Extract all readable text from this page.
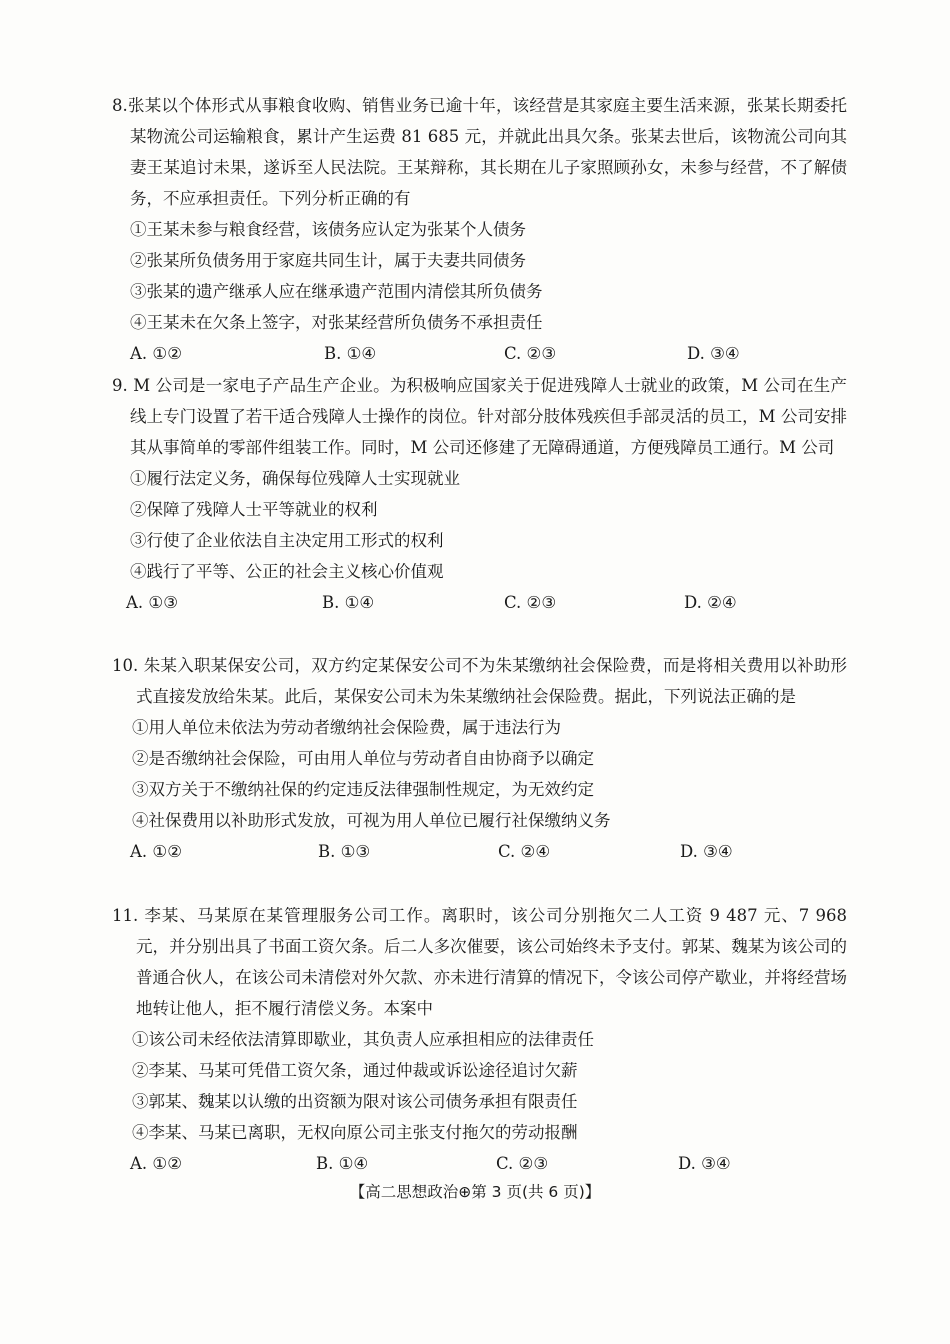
8.张某以个体形式从事粮食收购、销售业务已逾十年，该经营是其家庭主要生活来源，张某长期委托某物流公司运输粮食，累计产生运费 81 685 元，并就此出具欠条。张某去世后，该物流公司向其妻王某追讨未果，遂诉至人民法院。王某辩称，其长期在儿子家照顾孙女，未参与经营，不了解债务，不应承担责任。下列分析正确的有
①王某未参与粮食经营，该债务应认定为张某个人债务
②张某所负债务用于家庭共同生计，属于夫妻共同债务
③张某的遗产继承人应在继承遗产范围内清偿其所负债务
④王某未在欠条上签字，对张某经营所负债务不承担责任
A. ①②	B. ①④	C. ②③	D. ③④
9. M 公司是一家电子产品生产企业。为积极响应国家关于促进残障人士就业的政策，M 公司在生产线上专门设置了若干适合残障人士操作的岗位。针对部分肢体残疾但手部灵活的员工，M 公司安排其从事简单的零部件组装工作。同时，M 公司还修建了无障碍通道，方便残障员工通行。M 公司
①履行法定义务，确保每位残障人士实现就业
②保障了残障人士平等就业的权利
③行使了企业依法自主决定用工形式的权利
④践行了平等、公正的社会主义核心价值观
A. ①③	B. ①④	C. ②③	D. ②④
10. 朱某入职某保安公司，双方约定某保安公司不为朱某缴纳社会保险费，而是将相关费用以补助形式直接发放给朱某。此后，某保安公司未为朱某缴纳社会保险费。据此，下列说法正确的是
①用人单位未依法为劳动者缴纳社会保险费，属于违法行为
②是否缴纳社会保险，可由用人单位与劳动者自由协商予以确定
③双方关于不缴纳社保的约定违反法律强制性规定，为无效约定
④社保费用以补助形式发放，可视为用人单位已履行社保缴纳义务
A. ①②	B. ①③	C. ②④	D. ③④
11. 李某、马某原在某管理服务公司工作。离职时，该公司分别拖欠二人工资 9 487 元、7 968 元，并分别出具了书面工资欠条。后二人多次催要，该公司始终未予支付。郭某、魏某为该公司的普通合伙人，在该公司未清偿对外欠款、亦未进行清算的情况下，令该公司停产歇业，并将经营场地转让他人，拒不履行清偿义务。本案中
①该公司未经依法清算即歇业，其负责人应承担相应的法律责任
②李某、马某可凭借工资欠条，通过仲裁或诉讼途径追讨欠薪
③郭某、魏某以认缴的出资额为限对该公司债务承担有限责任
④李某、马某已离职，无权向原公司主张支付拖欠的劳动报酬
A. ①②	B. ①④	C. ②③	D. ③④
【高二思想政治⊕第 3 页(共 6 页)】
